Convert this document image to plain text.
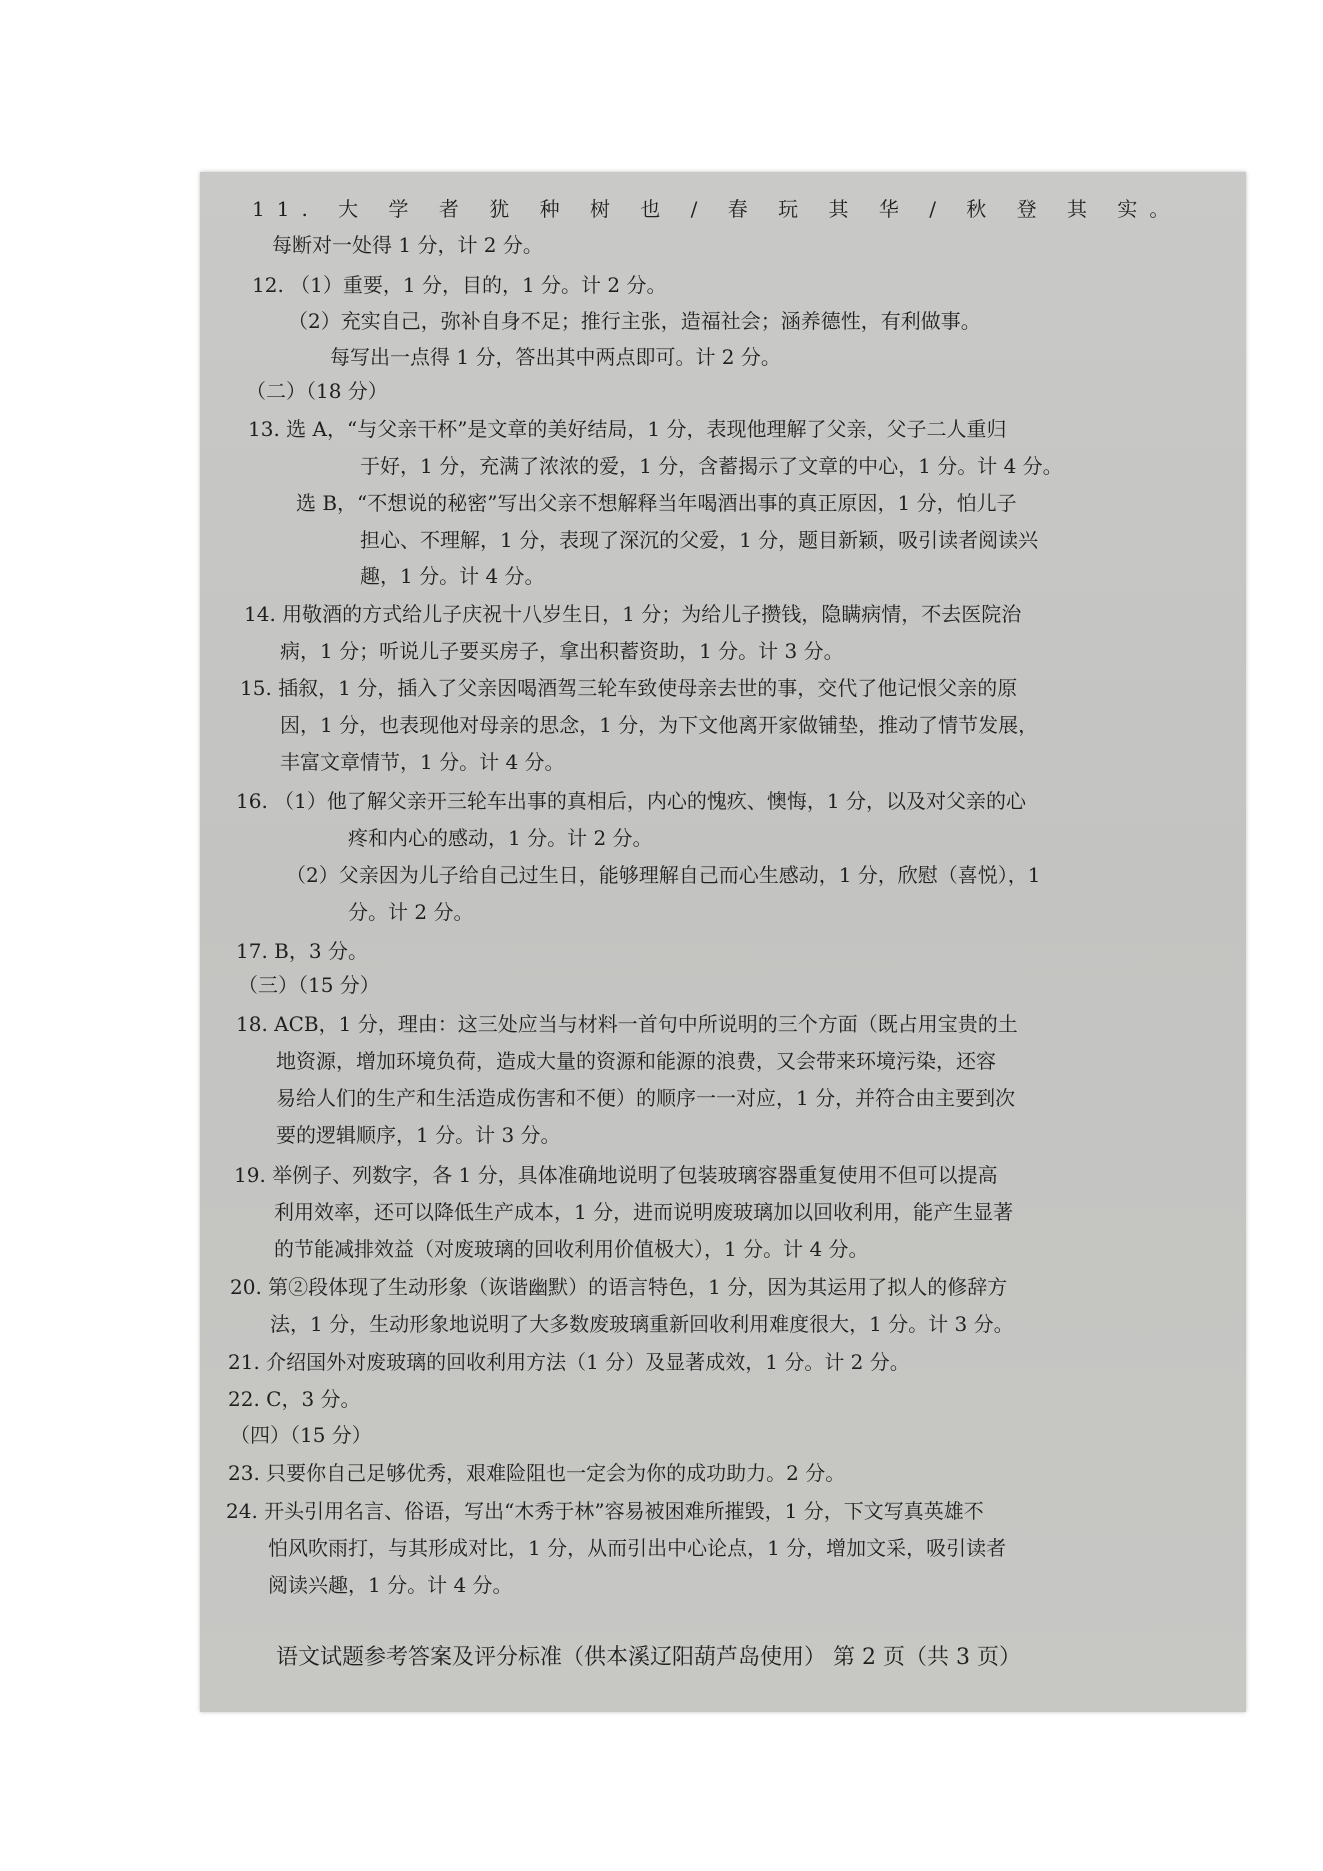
11. 大 学 者 犹 种 树 也 / 春 玩 其 华 / 秋 登 其 实。
每断对一处得 1 分，计 2 分。
12. （1）重要，1 分，目的，1 分。计 2 分。
（2）充实自己，弥补自身不足；推行主张，造福社会；涵养德性，有利做事。
每写出一点得 1 分，答出其中两点即可。计 2 分。
（二）（18 分）
13. 选 A，“与父亲干杯”是文章的美好结局，1 分，表现他理解了父亲，父子二人重归
于好，1 分，充满了浓浓的爱，1 分，含蓄揭示了文章的中心，1 分。计 4 分。
选 B，“不想说的秘密”写出父亲不想解释当年喝酒出事的真正原因，1 分，怕儿子
担心、不理解，1 分，表现了深沉的父爱，1 分，题目新颖，吸引读者阅读兴
趣，1 分。计 4 分。
14. 用敬酒的方式给儿子庆祝十八岁生日，1 分；为给儿子攒钱，隐瞒病情，不去医院治
病，1 分；听说儿子要买房子，拿出积蓄资助，1 分。计 3 分。
15. 插叙，1 分，插入了父亲因喝酒驾三轮车致使母亲去世的事，交代了他记恨父亲的原
因，1 分，也表现他对母亲的思念，1 分，为下文他离开家做铺垫，推动了情节发展，
丰富文章情节，1 分。计 4 分。
16. （1）他了解父亲开三轮车出事的真相后，内心的愧疚、懊悔，1 分，以及对父亲的心
疼和内心的感动，1 分。计 2 分。
（2）父亲因为儿子给自己过生日，能够理解自己而心生感动，1 分，欣慰（喜悦），1
分。计 2 分。
17. B，3 分。
（三）（15 分）
18. ACB，1 分，理由：这三处应当与材料一首句中所说明的三个方面（既占用宝贵的土
地资源，增加环境负荷，造成大量的资源和能源的浪费，又会带来环境污染，还容
易给人们的生产和生活造成伤害和不便）的顺序一一对应，1 分，并符合由主要到次
要的逻辑顺序，1 分。计 3 分。
19. 举例子、列数字，各 1 分，具体准确地说明了包装玻璃容器重复使用不但可以提高
利用效率，还可以降低生产成本，1 分，进而说明废玻璃加以回收利用，能产生显著
的节能减排效益（对废玻璃的回收利用价值极大），1 分。计 4 分。
20. 第②段体现了生动形象（诙谐幽默）的语言特色，1 分，因为其运用了拟人的修辞方
法，1 分，生动形象地说明了大多数废玻璃重新回收利用难度很大，1 分。计 3 分。
21. 介绍国外对废玻璃的回收利用方法（1 分）及显著成效，1 分。计 2 分。
22. C，3 分。
（四）（15 分）
23. 只要你自己足够优秀，艰难险阻也一定会为你的成功助力。2 分。
24. 开头引用名言、俗语，写出“木秀于林”容易被困难所摧毁，1 分，下文写真英雄不
怕风吹雨打，与其形成对比，1 分，从而引出中心论点，1 分，增加文采，吸引读者
阅读兴趣，1 分。计 4 分。
语文试题参考答案及评分标准（供本溪辽阳葫芦岛使用） 第 2 页（共 3 页）
